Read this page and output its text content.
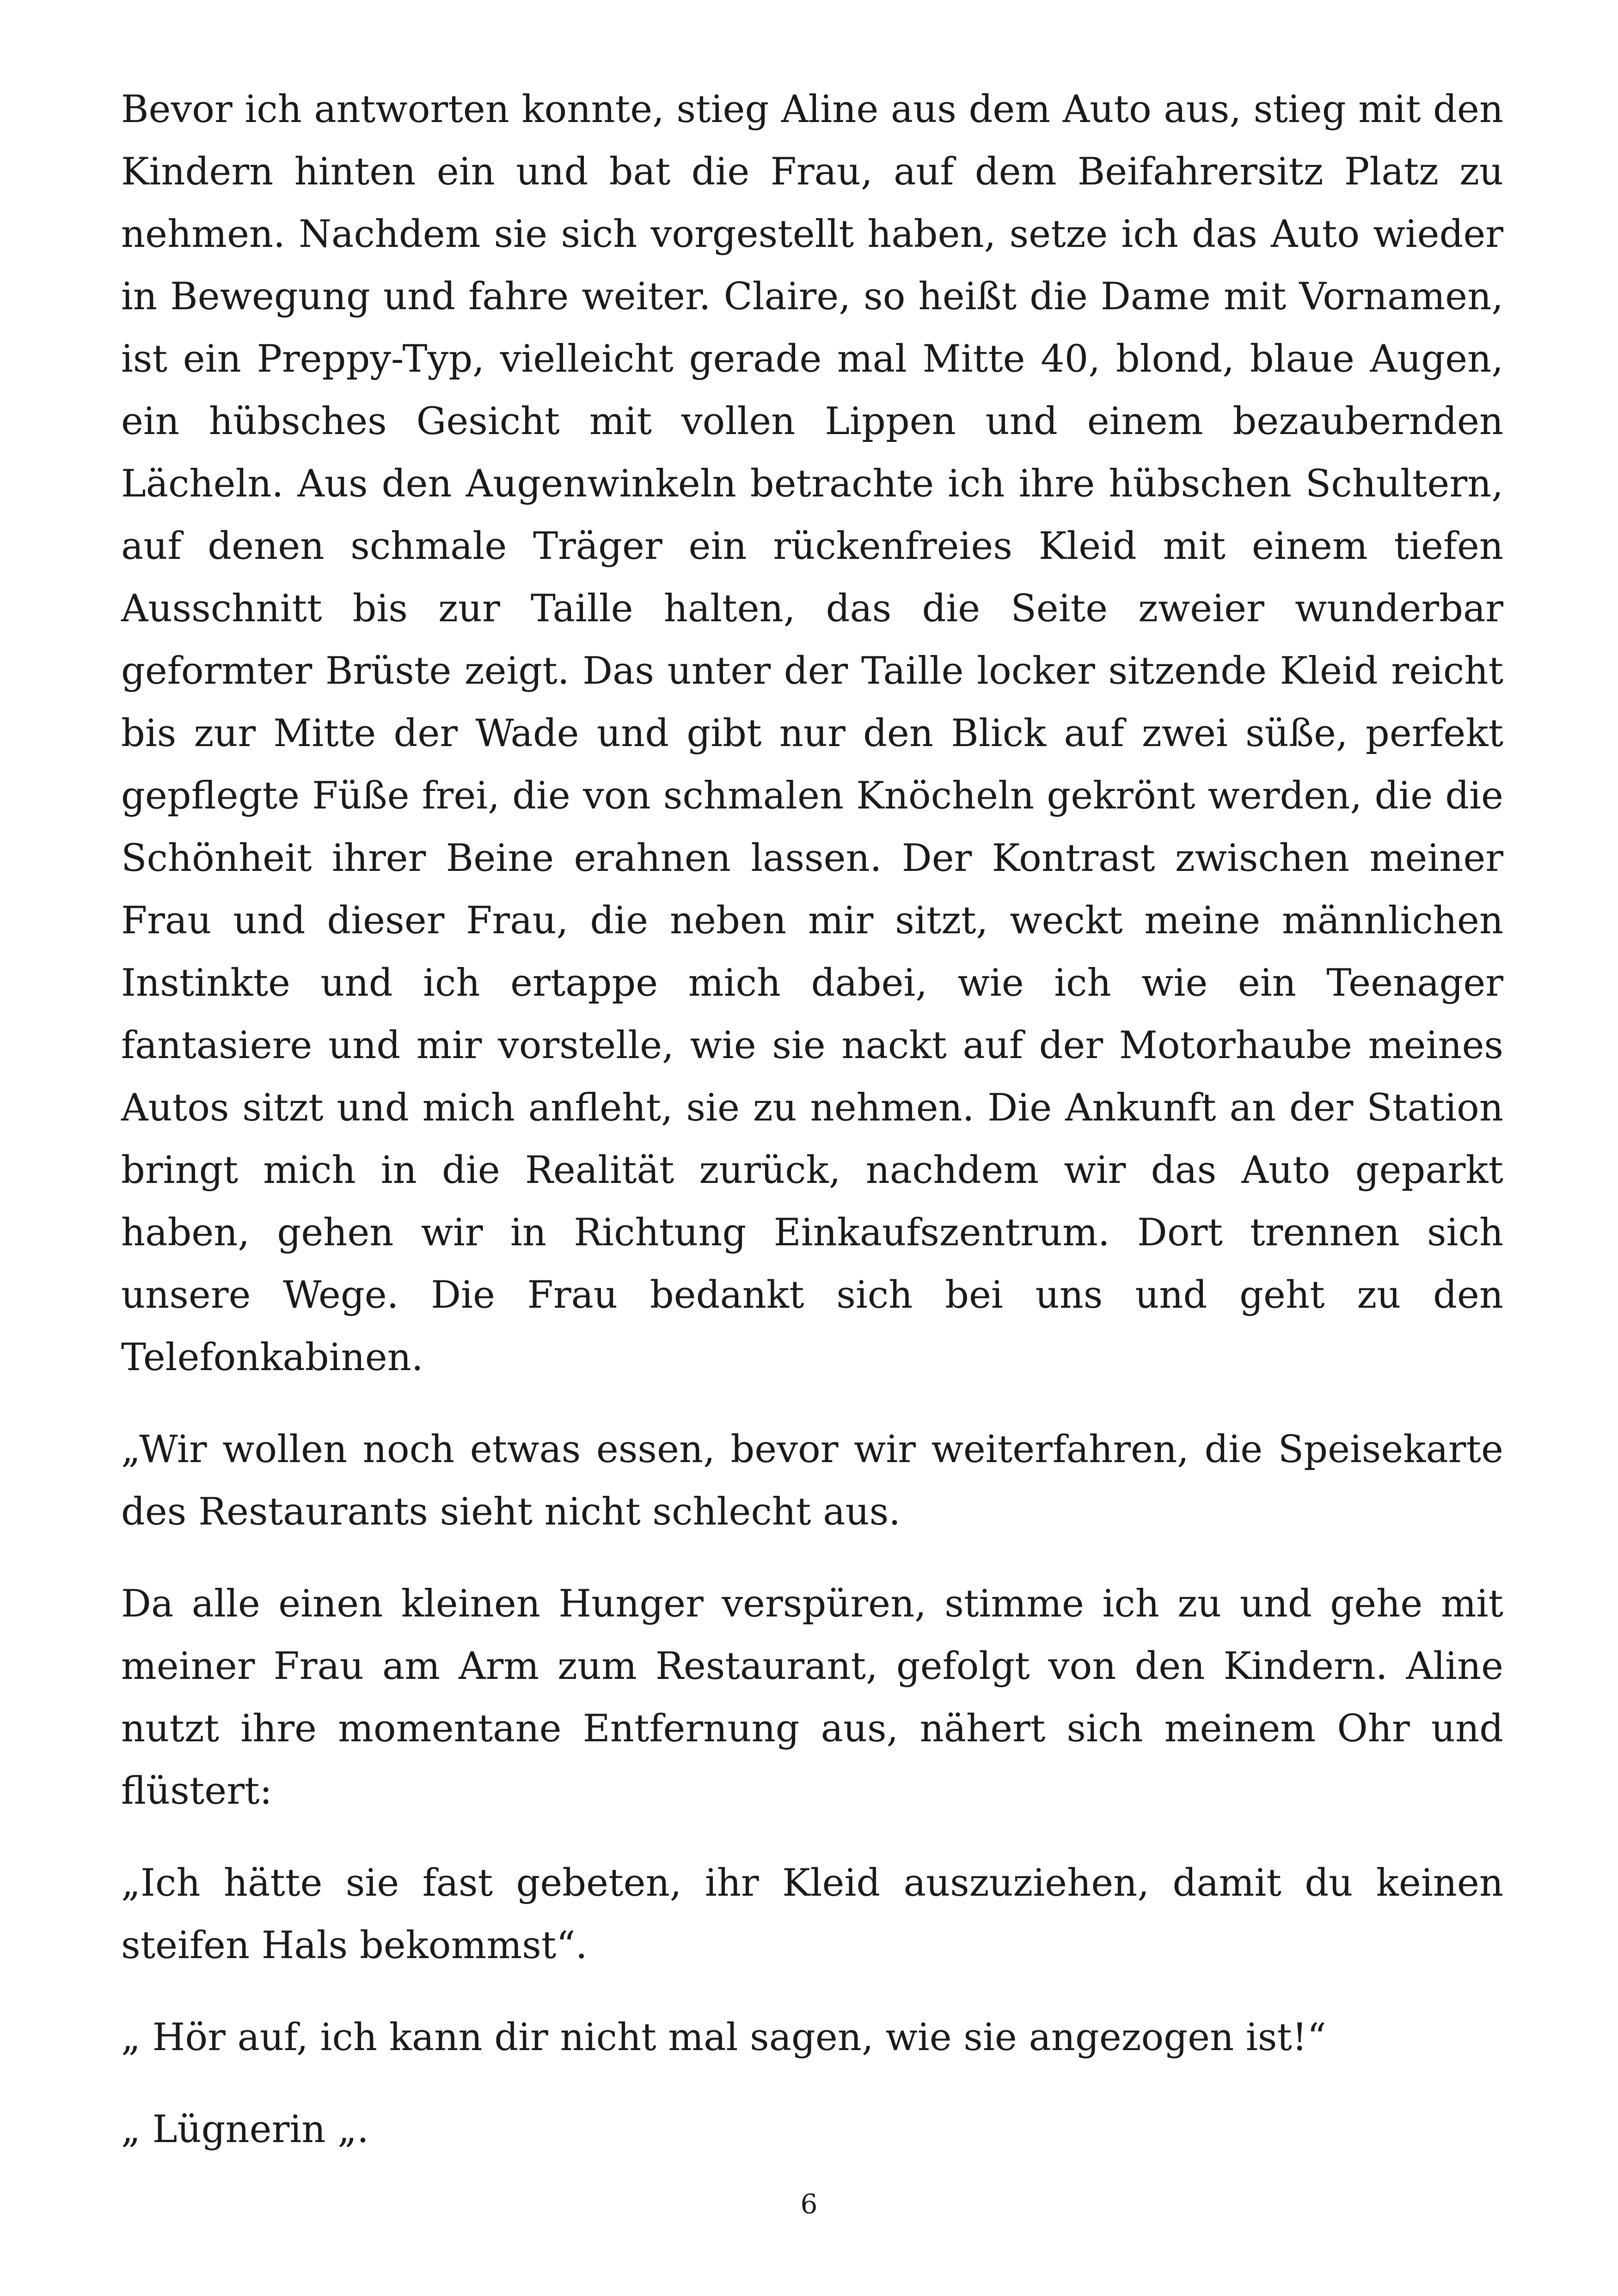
Bevor ich antworten konnte, stieg Aline aus dem Auto aus, stieg mit den Kindern hinten ein und bat die Frau, auf dem Beifahrersitz Platz zu nehmen. Nachdem sie sich vorgestellt haben, setze ich das Auto wieder in Bewegung und fahre weiter. Claire, so heißt die Dame mit Vornamen, ist ein Preppy-Typ, vielleicht gerade mal Mitte 40, blond, blaue Augen, ein hübsches Gesicht mit vollen Lippen und einem bezaubernden Lächeln. Aus den Augenwinkeln betrachte ich ihre hübschen Schultern, auf denen schmale Träger ein rückenfreies Kleid mit einem tiefen Ausschnitt bis zur Taille halten, das die Seite zweier wunderbar geformter Brüste zeigt. Das unter der Taille locker sitzende Kleid reicht bis zur Mitte der Wade und gibt nur den Blick auf zwei süße, perfekt gepflegte Füße frei, die von schmalen Knöcheln gekrönt werden, die die Schönheit ihrer Beine erahnen lassen. Der Kontrast zwischen meiner Frau und dieser Frau, die neben mir sitzt, weckt meine männlichen Instinkte und ich ertappe mich dabei, wie ich wie ein Teenager fantasiere und mir vorstelle, wie sie nackt auf der Motorhaube meines Autos sitzt und mich anfleht, sie zu nehmen. Die Ankunft an der Station bringt mich in die Realität zurück, nachdem wir das Auto geparkt haben, gehen wir in Richtung Einkaufszentrum. Dort trennen sich unsere Wege. Die Frau bedankt sich bei uns und geht zu den Telefonkabinen.

„Wir wollen noch etwas essen, bevor wir weiterfahren, die Speisekarte des Restaurants sieht nicht schlecht aus.

Da alle einen kleinen Hunger verspüren, stimme ich zu und gehe mit meiner Frau am Arm zum Restaurant, gefolgt von den Kindern. Aline nutzt ihre momentane Entfernung aus, nähert sich meinem Ohr und flüstert:

„Ich hätte sie fast gebeten, ihr Kleid auszuziehen, damit du keinen steifen Hals bekommst“.

„ Hör auf, ich kann dir nicht mal sagen, wie sie angezogen ist!“

„ Lügnerin „.

6
